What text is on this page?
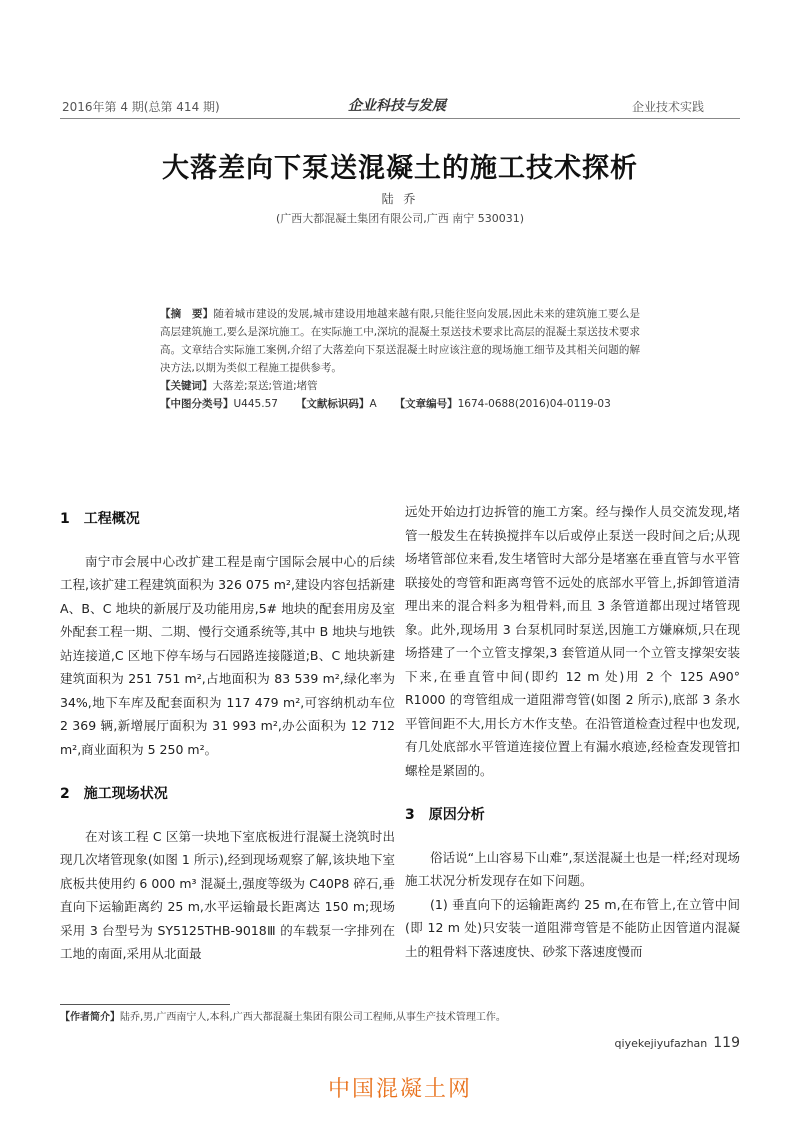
2016年第 4 期(总第 414 期)	企业科技与发展	企业技术实践
大落差向下泵送混凝土的施工技术探析
陆 乔
(广西大都混凝土集团有限公司,广西 南宁 530031)

【摘　要】随着城市建设的发展,城市建设用地越来越有限,只能往竖向发展,因此未来的建筑施工要么是高层建筑施工,要么是深坑施工。在实际施工中,深坑的混凝土泵送技术要求比高层的混凝土泵送技术要求高。文章结合实际施工案例,介绍了大落差向下泵送混凝土时应该注意的现场施工细节及其相关问题的解决方法,以期为类似工程施工提供参考。

【关键词】大落差;泵送;管道;堵管

【中图分类号】U445.57 【文献标识码】A 【文章编号】1674-0688(2016)04-0119-03

1　工程概况

南宁市会展中心改扩建工程是南宁国际会展中心的后续工程,该扩建工程建筑面积为 326 075 m²,建设内容包括新建 A、B、C 地块的新展厅及功能用房,5# 地块的配套用房及室外配套工程一期、二期、慢行交通系统等,其中 B 地块与地铁站连接道,C 区地下停车场与石园路连接隧道;B、C 地块新建建筑面积为 251 751 m²,占地面积为 83 539 m²,绿化率为 34%,地下车库及配套面积为 117 479 m²,可容纳机动车位 2 369 辆,新增展厅面积为 31 993 m²,办公面积为 12 712 m²,商业面积为 5 250 m²。

2　施工现场状况

在对该工程 C 区第一块地下室底板进行混凝土浇筑时出现几次堵管现象(如图 1 所示),经到现场观察了解,该块地下室底板共使用约 6 000 m³ 混凝土,强度等级为 C40P8 碎石,垂直向下运输距离约 25 m,水平运输最长距离达 150 m;现场采用 3 台型号为 SY5125THB-9018Ⅲ 的车载泵一字排列在工地的南面,采用从北面最

远处开始边打边拆管的施工方案。经与操作人员交流发现,堵管一般发生在转换搅拌车以后或停止泵送一段时间之后;从现场堵管部位来看,发生堵管时大部分是堵塞在垂直管与水平管联接处的弯管和距离弯管不远处的底部水平管上,拆卸管道清理出来的混合料多为粗骨料,而且 3 条管道都出现过堵管现象。此外,现场用 3 台泵机同时泵送,因施工方嫌麻烦,只在现场搭建了一个立管支撑架,3 套管道从同一个立管支撑架安装下来,在垂直管中间(即约 12 m 处)用 2 个 125 A90° R1000 的弯管组成一道阻滞弯管(如图 2 所示),底部 3 条水平管间距不大,用长方木作支垫。在沿管道检查过程中也发现,有几处底部水平管道连接位置上有漏水痕迹,经检查发现管扣螺栓是紧固的。

3　原因分析

俗话说“上山容易下山难”,泵送混凝土也是一样;经对现场施工状况分析发现存在如下问题。

(1) 垂直向下的运输距离约 25 m,在布管上,在立管中间(即 12 m 处)只安装一道阻滞弯管是不能防止因管道内混凝土的粗骨料下落速度快、砂浆下落速度慢而

【作者简介】陆乔,男,广西南宁人,本科,广西大都混凝土集团有限公司工程师,从事生产技术管理工作。
qiyekejiyufazhan 119
中国混凝土网
